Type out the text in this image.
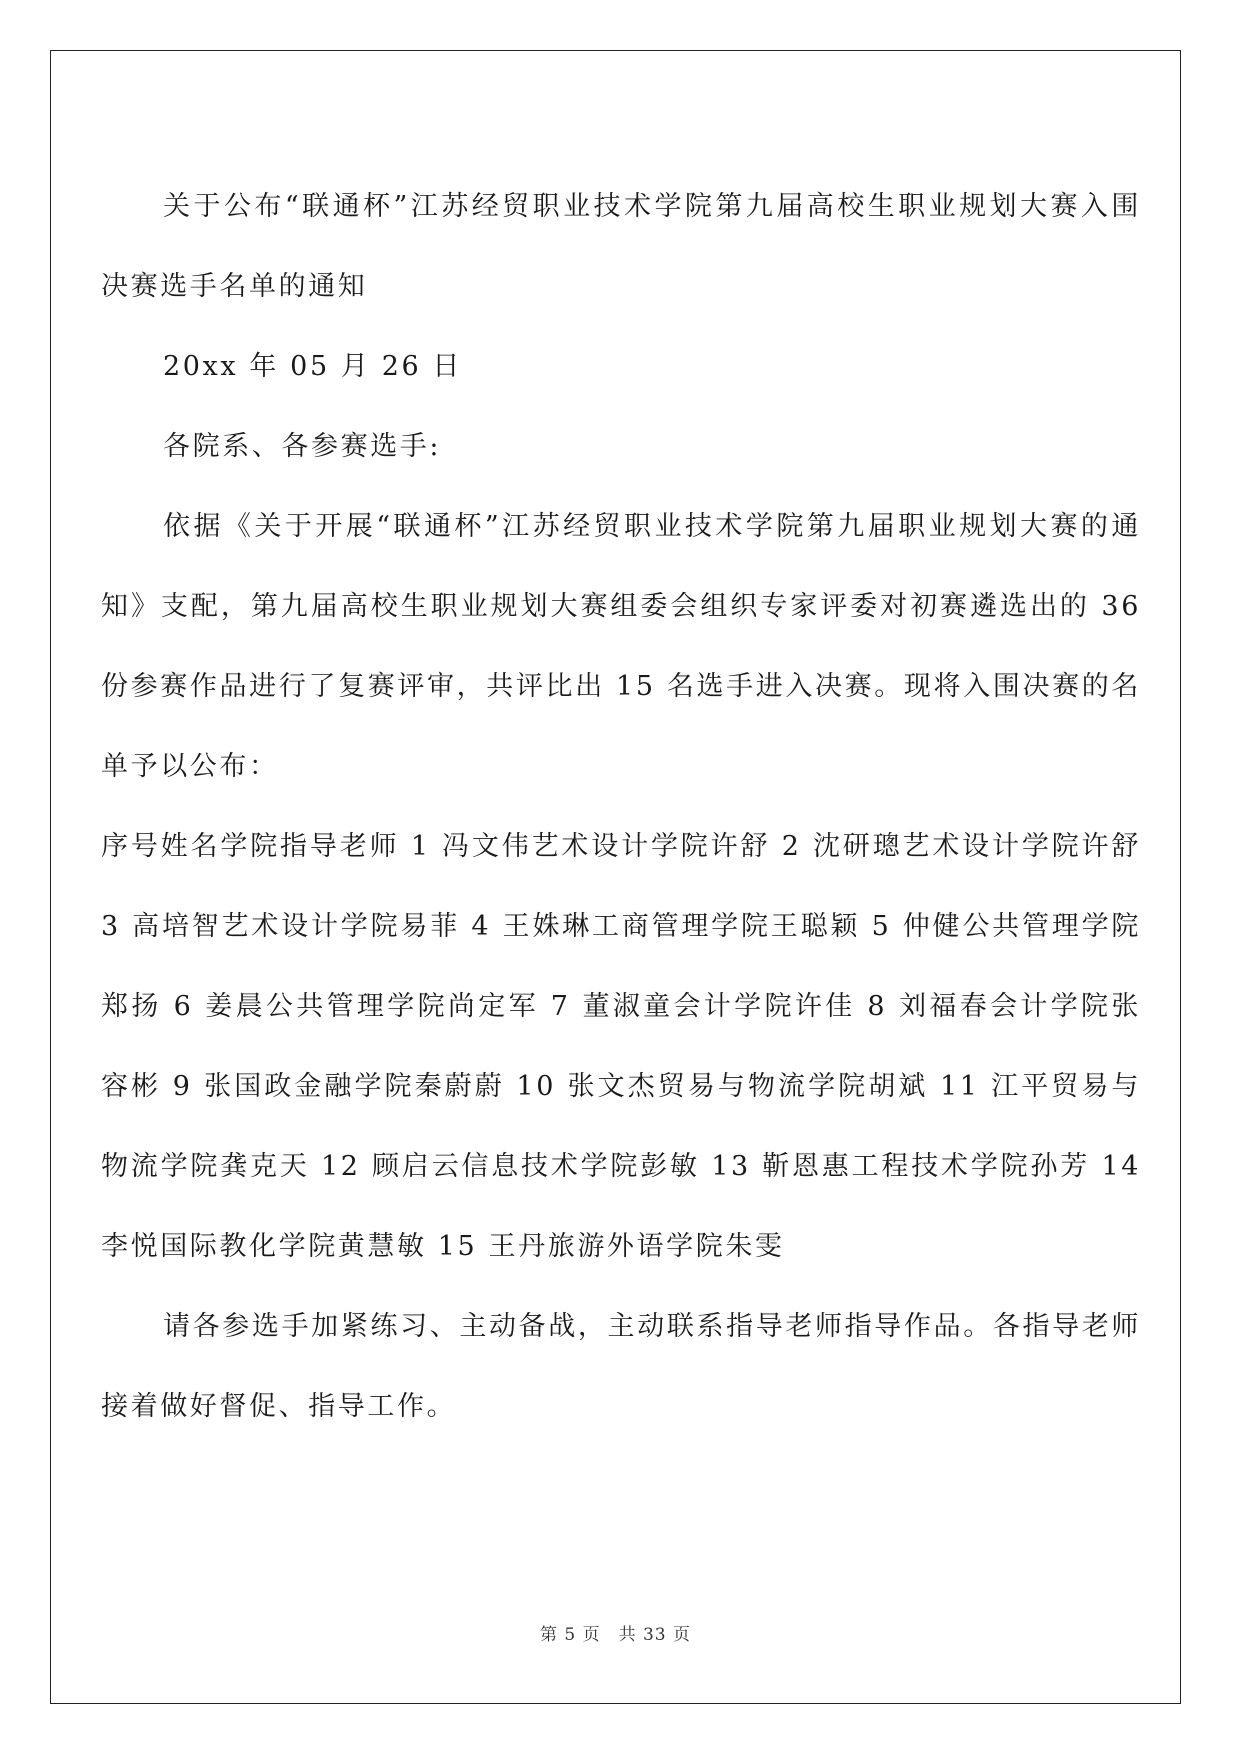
关于公布“联通杯”江苏经贸职业技术学院第九届高校生职业规划大赛入围决赛选手名单的通知

20xx 年 05 月 26 日

各院系、各参赛选手:

依据《关于开展“联通杯”江苏经贸职业技术学院第九届职业规划大赛的通知》支配，第九届高校生职业规划大赛组委会组织专家评委对初赛遴选出的 36 份参赛作品进行了复赛评审，共评比出 15 名选手进入决赛。现将入围决赛的名单予以公布：

序号姓名学院指导老师 1 冯文伟艺术设计学院许舒 2 沈研璁艺术设计学院许舒 3 高培智艺术设计学院易菲 4 王姝琳工商管理学院王聪颖 5 仲健公共管理学院郑扬 6 姜晨公共管理学院尚定军 7 董淑童会计学院许佳 8 刘福春会计学院张容彬 9 张国政金融学院秦蔚蔚 10 张文杰贸易与物流学院胡斌 11 江平贸易与物流学院龚克天 12 顾启云信息技术学院彭敏 13 靳恩惠工程技术学院孙芳 14 李悦国际教化学院黄慧敏 15 王丹旅游外语学院朱雯

请各参选手加紧练习、主动备战，主动联系指导老师指导作品。各指导老师接着做好督促、指导工作。

第 5 页 共 33 页
